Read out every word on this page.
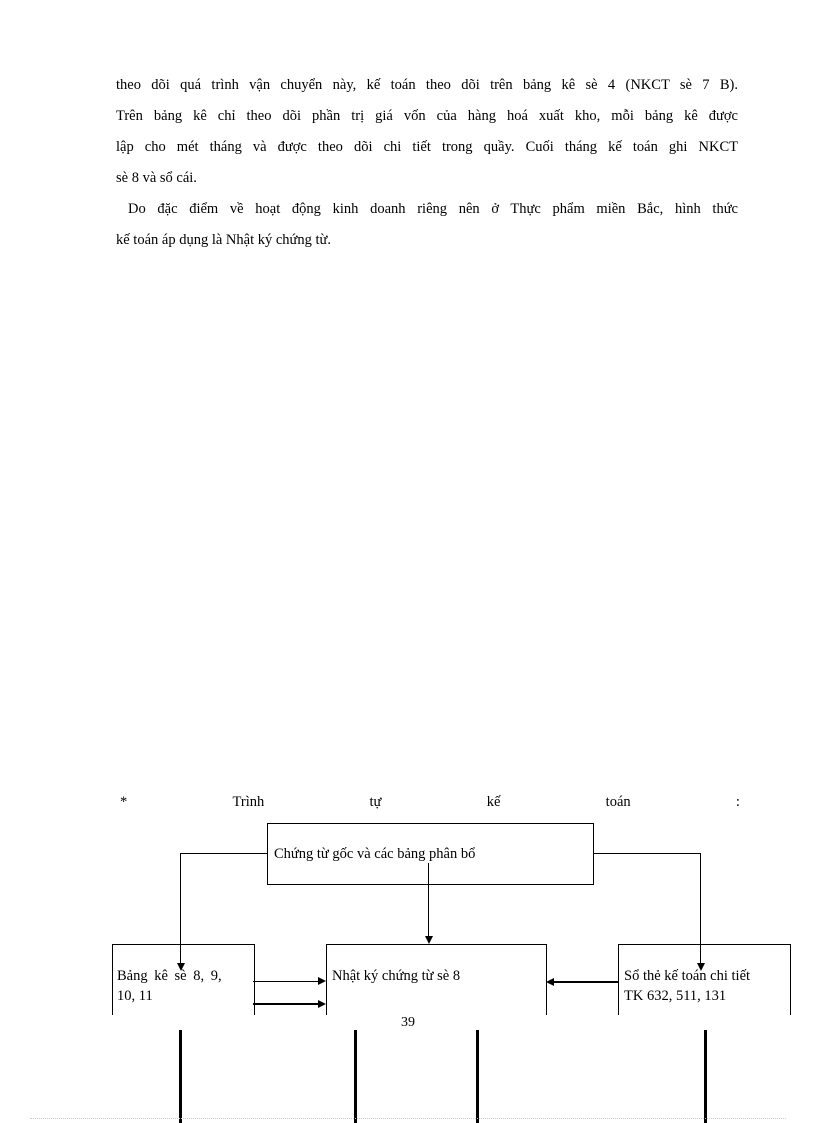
theo dõi quá trình vận chuyển này, kế toán theo dõi trên bảng kê sè 4 (NKCT sè 7 B).
Trên bảng kê chỉ theo dõi phần trị giá vốn của hàng hoá xuất kho, mỗi bảng kê được
lập cho mét tháng và được theo dõi chi tiết trong quầy. Cuối tháng kế toán ghi NKCT
sè 8 và sổ cái.
Do đặc điểm về hoạt động kinh doanh riêng nên ở Thực phẩm miền Bắc, hình thức
kế toán áp dụng là Nhật ký chứng từ.
*	Trình	tự	kế	toán	:
Chứng từ gốc và các bảng phân bổ
Bảng kê sè 8, 9,
10, 11
Nhật ký chứng từ sè 8	Sổ thẻ kế toán chi tiết
TK 632, 511, 131
39
